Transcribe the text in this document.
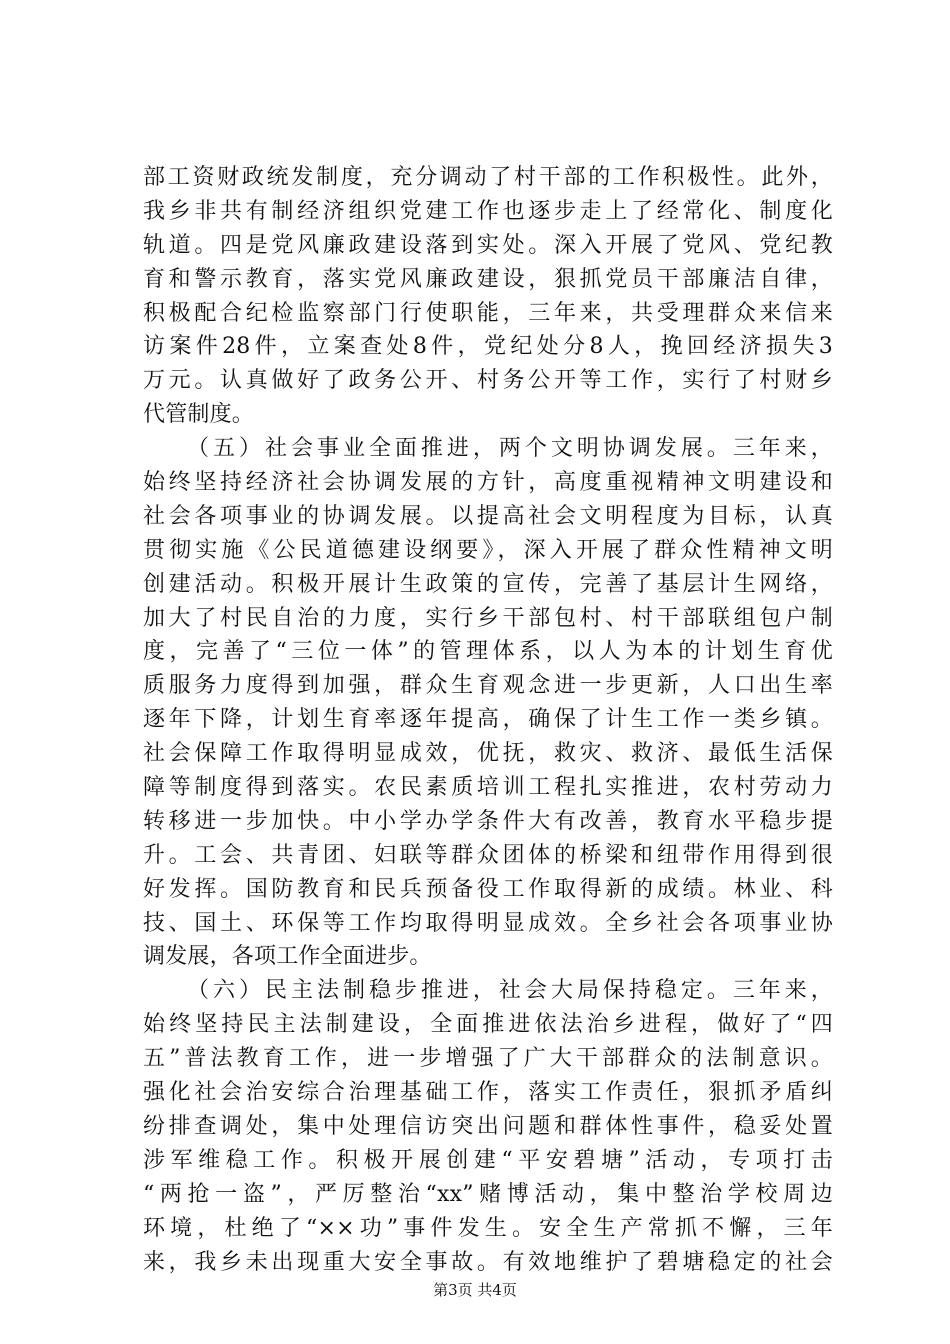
部工资财政统发制度，充分调动了村干部的工作积极性。此外，
我乡非共有制经济组织党建工作也逐步走上了经常化、制度化
轨道。四是党风廉政建设落到实处。深入开展了党风、党纪教
育和警示教育，落实党风廉政建设，狠抓党员干部廉洁自律，
积极配合纪检监察部门行使职能，三年来，共受理群众来信来
访案件28件，立案查处8件，党纪处分8人，挽回经济损失3
万元。认真做好了政务公开、村务公开等工作，实行了村财乡
代管制度。
（五）社会事业全面推进，两个文明协调发展。三年来，
始终坚持经济社会协调发展的方针，高度重视精神文明建设和
社会各项事业的协调发展。以提高社会文明程度为目标，认真
贯彻实施《公民道德建设纲要》，深入开展了群众性精神文明
创建活动。积极开展计生政策的宣传，完善了基层计生网络，
加大了村民自治的力度，实行乡干部包村、村干部联组包户制
度，完善了“三位一体”的管理体系，以人为本的计划生育优
质服务力度得到加强，群众生育观念进一步更新，人口出生率
逐年下降，计划生育率逐年提高，确保了计生工作一类乡镇。
社会保障工作取得明显成效，优抚，救灾、救济、最低生活保
障等制度得到落实。农民素质培训工程扎实推进，农村劳动力
转移进一步加快。中小学办学条件大有改善，教育水平稳步提
升。工会、共青团、妇联等群众团体的桥梁和纽带作用得到很
好发挥。国防教育和民兵预备役工作取得新的成绩。林业、科
技、国土、环保等工作均取得明显成效。全乡社会各项事业协
调发展，各项工作全面进步。
（六）民主法制稳步推进，社会大局保持稳定。三年来，
始终坚持民主法制建设，全面推进依法治乡进程，做好了“四
五”普法教育工作，进一步增强了广大干部群众的法制意识。
强化社会治安综合治理基础工作，落实工作责任，狠抓矛盾纠
纷排查调处，集中处理信访突出问题和群体性事件，稳妥处置
涉军维稳工作。积极开展创建“平安碧塘”活动，专项打击
“两抢一盗”，严厉整治“xx”赌博活动，集中整治学校周边
环境，杜绝了“××功”事件发生。安全生产常抓不懈，三年
来，我乡未出现重大安全事故。有效地维护了碧塘稳定的社会
第3页 共4页
